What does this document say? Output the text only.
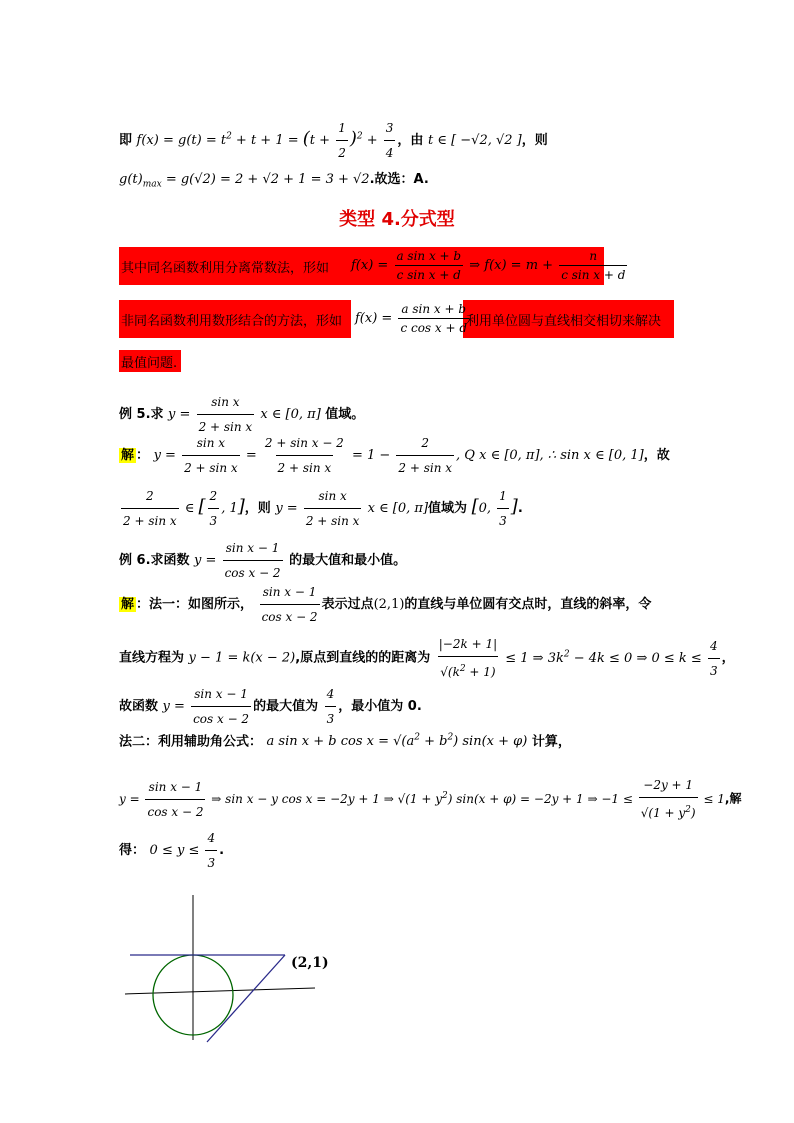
即 $f(x) = g(t) = t^2 + t + 1 = (t + \frac{1}{2} )^2 + \frac{3}{4}$ ，由 t ∈ [ −√2, √2 ]，则
$g(t)_{max} = g(√2) = 2 + √2 + 1 = 3 + √2$.故选：A.
类型 4.分式型
其中同名函数利用分离常数法，形如 $f(x) = \frac{\text{a sin x + b}}{\text{c sin x + d}}$ ⇒ $f(x) = m + \frac{n}{\text{c sin x + d}}$
非同名函数利用数形结合的方法，形如 $f(x) = \frac{\text{a sin x + b}}{\text{c cos x + d}}$
利用单位圆与直线相交相切来解决
最值问题.
例 5.求 $y = \frac{\text{sin x}}{\text{2 + sin x}}$ x ∈ [0, π] 值域。
解 ： $y = \frac{\text{sin x}}{\text{2 + sin x}} = \frac{\text{2 + sin x − 2}}{\text{2 + sin x}} = 1 - \frac{2}{\text{2 + sin x}}$ , Q x ∈ [0, π], ∴ sin x ∈ [0, 1]，故
$\frac{2}{\text{2 + sin x}}$ ∈ [ $\frac{2}{3}$ , 1]，则 $y = \frac{\text{sin x}}{\text{2 + sin x}}$ x ∈ [0, π]值域为 [0, $\frac{1}{3}$ ].
例 6.求函数 $y = \frac{\text{sin x − 1}}{\text{cos x − 2}}$ 的最大值和最小值。
解 ：法一：如图所示， $\frac{\text{sin x − 1}}{\text{cos x − 2}}$ 表示过点(2,1)的直线与单位圆有交点时，直线的斜率，令
直线方程为 y − 1 = k(x − 2),原点到直线的的距离为 $\frac{|-2k + 1|}{√(k^2 + 1)} \le 1$ ⇒ $3k^2 - 4k \le 0$ ⇒ $0 \le k \le \frac{4}{3}$ ，
故函数 $y = \frac{\text{sin x − 1}}{\text{cos x − 2}}$ 的最大值为 $\frac{4}{3}$ ，最小值为 0.
法二：利用辅助角公式： a sin x + b $\cos x = √(a^2 + b^2) \sin(x + \varphi)$ 计算，
$y = \frac{\text{sin x − 1}}{\text{cos x − 2}}$ ⇒ sin x − y cos x = −2y + 1 ⇒ $√(1 + y^2)$ sin(x + φ) = −2y + 1 ⇒ $-1 \le \frac{-2y + 1}{√(1 + y^2)} \le 1$,解
得： $0 \le y \le \frac{4}{3}$ .
(2,1)
